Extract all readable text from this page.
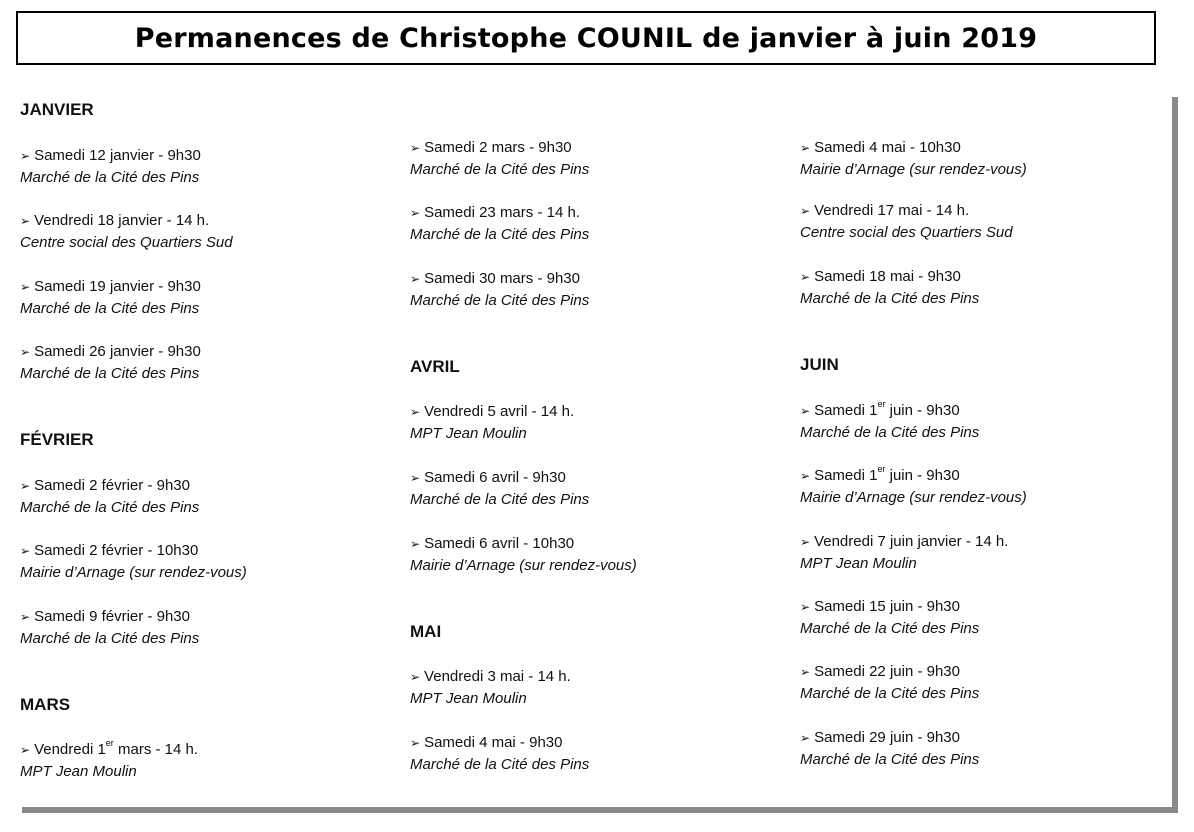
Permanences de Christophe COUNIL de janvier à juin 2019
JANVIER
➢ Samedi 12 janvier - 9h30
Marché de la Cité des Pins
➢ Vendredi 18 janvier - 14 h.
Centre social des Quartiers Sud
➢ Samedi 19 janvier - 9h30
Marché de la Cité des Pins
➢ Samedi 26 janvier - 9h30
Marché de la Cité des Pins
FÉVRIER
➢ Samedi 2 février - 9h30
Marché de la Cité des Pins
➢ Samedi 2 février - 10h30
Mairie d’Arnage (sur rendez-vous)
➢ Samedi 9 février - 9h30
Marché de la Cité des Pins
MARS
➢ Vendredi 1er mars - 14 h.
MPT Jean Moulin
➢ Samedi 2 mars - 9h30
Marché de la Cité des Pins
➢ Samedi 23 mars - 14 h.
Marché de la Cité des Pins
➢ Samedi 30 mars - 9h30
Marché de la Cité des Pins
AVRIL
➢ Vendredi 5 avril - 14 h.
MPT Jean Moulin
➢ Samedi 6 avril - 9h30
Marché de la Cité des Pins
➢ Samedi 6 avril - 10h30
Mairie d’Arnage (sur rendez-vous)
MAI
➢ Vendredi 3 mai - 14 h.
MPT Jean Moulin
➢ Samedi 4 mai - 9h30
Marché de la Cité des Pins
➢ Samedi 4 mai - 10h30
Mairie d’Arnage (sur rendez-vous)
➢ Vendredi 17 mai - 14 h.
Centre social des Quartiers Sud
➢ Samedi 18 mai - 9h30
Marché de la Cité des Pins
JUIN
➢ Samedi 1er juin - 9h30
Marché de la Cité des Pins
➢ Samedi 1er juin - 9h30
Mairie d’Arnage (sur rendez-vous)
➢ Vendredi 7 juin janvier - 14 h.
MPT Jean Moulin
➢ Samedi 15 juin - 9h30
Marché de la Cité des Pins
➢ Samedi 22 juin - 9h30
Marché de la Cité des Pins
➢ Samedi 29 juin - 9h30
Marché de la Cité des Pins
